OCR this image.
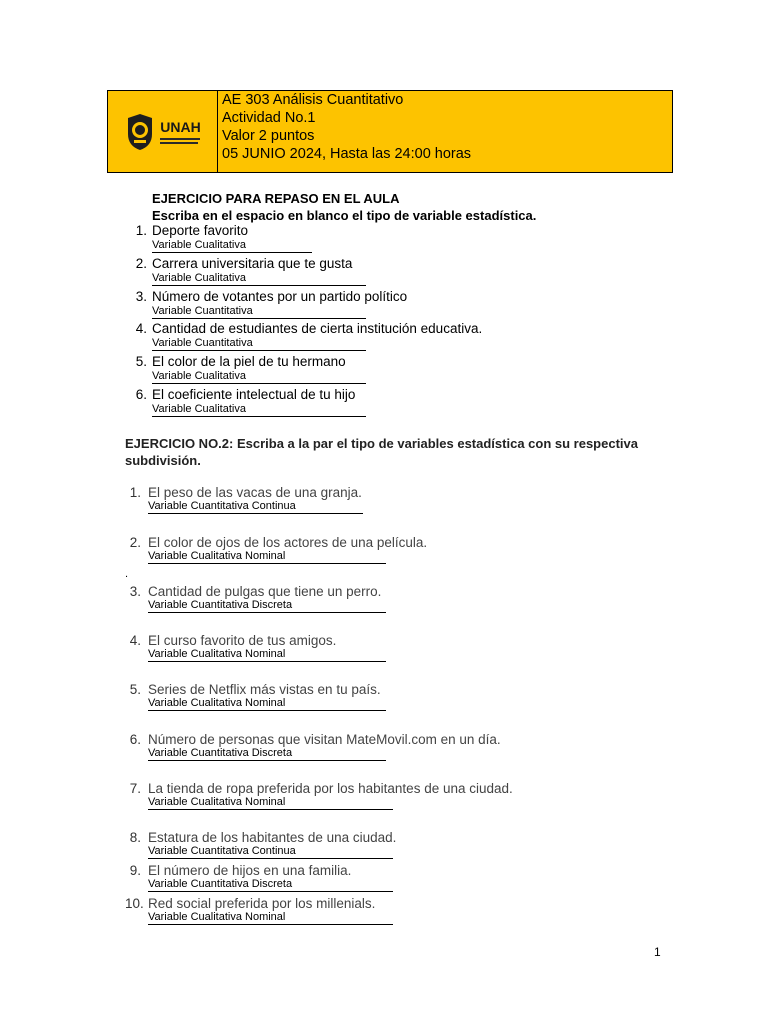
UNAH
AE 303 Análisis Cuantitativo
Actividad No.1
Valor 2 puntos
05 JUNIO 2024, Hasta las 24:00 horas
EJERCICIO PARA REPASO EN EL AULA
Escriba en el espacio en blanco el tipo de variable estadística.
1. Deporte favorito
Variable Cualitativa
2. Carrera universitaria que te gusta
Variable Cualitativa
3. Número de votantes por un partido político
Variable Cuantitativa
4. Cantidad de estudiantes de cierta institución educativa.
Variable Cuantitativa
5. El color de la piel de tu hermano
Variable Cualitativa
6. El coeficiente intelectual de tu hijo
Variable Cualitativa
EJERCICIO NO.2: Escriba a la par el tipo de variables estadística con su respectiva subdivisión.
1. El peso de las vacas de una granja.
Variable Cuantitativa Continua
2. El color de ojos de los actores de una película.
Variable Cualitativa Nominal
3. Cantidad de pulgas que tiene un perro.
Variable Cuantitativa Discreta
4. El curso favorito de tus amigos.
Variable Cualitativa Nominal
5. Series de Netflix más vistas en tu país.
Variable Cualitativa Nominal
6. Número de personas que visitan MateMovil.com en un día.
Variable Cuantitativa Discreta
7. La tienda de ropa preferida por los habitantes de una ciudad.
Variable Cualitativa Nominal
8. Estatura de los habitantes de una ciudad.
Variable Cuantitativa Continua
9. El número de hijos en una familia.
Variable Cuantitativa Discreta
10. Red social preferida por los millenials.
Variable Cualitativa Nominal
.
1
